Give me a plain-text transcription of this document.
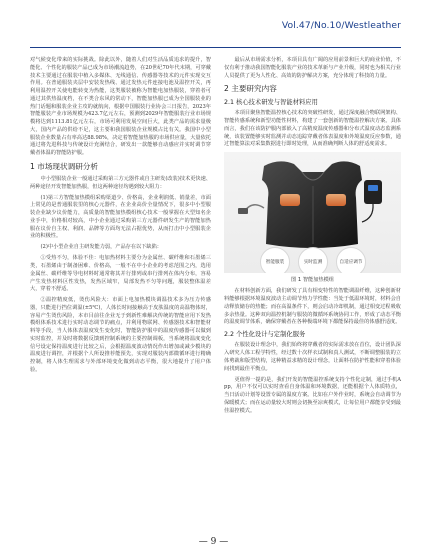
Vol.47/No.10/Westleather

对气候变化带来的实际挑战。除此以外，随着人们对生活品质追求的提升，智能化、个性化的服装产品已成为市场潮流趋势，在20世纪70年代末期，可穿戴技术主要通过在服装中植入多媒体、无线通信、传感器等技术的元件实现交互作用。在普通服装夹层中安装发热线、通过发热元件连接电池及温控开关，再利用温控开关使电能转变为热能，这类服装被称为智能电加热服装，穿着者可通过其供热温度档，在不类合东风的常动下，智能加热服已成为全国服装业的热门话题和服装企业主攻的就航向，根据中国服装行业协会三日报告，2023年智能服装产业市场规模为423.7亿元左右，预测到2029年智能服装行业市场规模将达到1113.81亿元左右，市场可利用发展空间巨大，此类产品的需求量极大，国内产品的供给不足，这主要和我国服装企业规模占比有关。我国中小型服装企业数量占有率高达88.98%，决定着智能加热服的市场供应量，大量依托通过将先进科技与传统设计充满结合，研发出一款能够自动感应并实时调节穿戴者体温的智能防护服。

1 市场现状调研分析

中小型服装企业一般通过采购第三方元器件或自主研发(改装)技术更快速、两种途径开发智能加热服，但这两种途径均遇到较大阻力：

(1)第三方智能加热模组采购渠道少、价格高，企业利润低、销量差，市面上常见的是普通服装里的核心元器件，在企业高价全量情况下，很多中小型服装企业缺少议价能力，高质量的智能加热模组核心技术一般掌握在大型知名企业手中，价格相对较高，中小企业通过采购第三方元器件研发生产的智能加热服在议价自主权、利润、品牌等方面均无法占据优势，从而打击中小型服装企业的积极性。

(2)中小型企业自主研发能力弱，产品存在以下缺陷：

①受热不匀，体验不佳：电加热材料主要分为金属丝、碳纤维和石墨烯三类，石墨烯由于制备困难、价格高，一般不在中小企业的考虑范围之内，选用金属丝、碳纤维等导电材料时通常将其并行排列或串行排列在体内分布，容易产生发热材料区性发热，发热区域窄，局部发热不匀等问题，服装整体温差大，穿着不舒适。

②温控精度低，烫伤风险大：市面上电加热模块调温技术多为压力传感器，只能进行挡位调温(±5℃)，人体长时间接触高于皮肤温度的高温物体时，容易产生烫伤风险，本市目前往企业无于到新性难解决传统的智能应用下发热模组体系技术进行实时动态调节的痛点，并利用物联网、传感器技术和智能材料等手段，当人体体表温度发生变化时，智能防护服中的温度传感器可以做到实时监控，并及时将数据反馈到控制系统的主要控制调板，当系统将温度变化信号设定保持温度进行比较之后，会根据温度波动情况作出增加或减少模块的温度进行调控，并根据个人所设推荐能预先，实现对服装内部微循环进行精确控制，将人体生理需求与外部环境变化做到动态平衡，很大地提升了用户体验。

最后从市场需求分析，本项目具有广阔的应用前景和巨大的商业价值，不仅有利于推动我国智能化服装产业的技术革新与产业升级，同时也为相关行业人员提供了更为人性化、高效的防护解决方案，充分体现了科技的力量。

2 主要研究内容
2.1 核心技术研发与智能材料应用

本项目聚焦智能温控核心技术的突破性研发，通过深度融合物联网架构、智能传感系统和新型功能性材料，构建了一套创新的智能温控解决方案。具体而言，我们在该防护服内部嵌入了高精度温度传感器和分布式温度动态监测系统，该装置能够实时监测并动态追踪穿戴者体表温度和外境温度反应参数，通过智能算法对采集数据进行即时处理，从而准确判断人体的舒适度需求。

智能服装	实时监测	自适应调节
图 1 智能加热模组

在材料创新方面，我们研发了具有相变特性的智能调温纤维，这种创新材料能够根据环境温度波动主动调节热力学性能：当处于低温环境时，材料会自动释放储存的热能；而在高温条件下，则会启动冷却机制，通过相变过程吸收多余热量。这种双向温控机制与服装的微循环系统协同工作，形成了动态平衡的温度调节体系，确保穿戴者在各种极端环境下都能保持最佳的体感舒适度。

2.2 个性化设计与定制化服务

在服装设计理念中，我们始终将穿戴者的实际需求放在首位，设计团队深入研究人体工程学特性，经过数十次样衣试制和真人测试，不断调整服装的立体剪裁和版型结构，这种精益求精的设计理念，让面料在防护性能和穿着体验间找到最佳平衡点。

更值得一提的是，我们开发的智能温控系统支持个性化定制，通过手机App，用户不仅可以实时查看自身体温和环境数据，还能根据个人体质特点，当日活动计划等设置专属的温度方案。比如在户外作业时，系统会自动调节为保暖模式；而在运动量较大时则会切换至凉爽模式，让每位用户都能享受到最佳温控模式。

— 9 —
